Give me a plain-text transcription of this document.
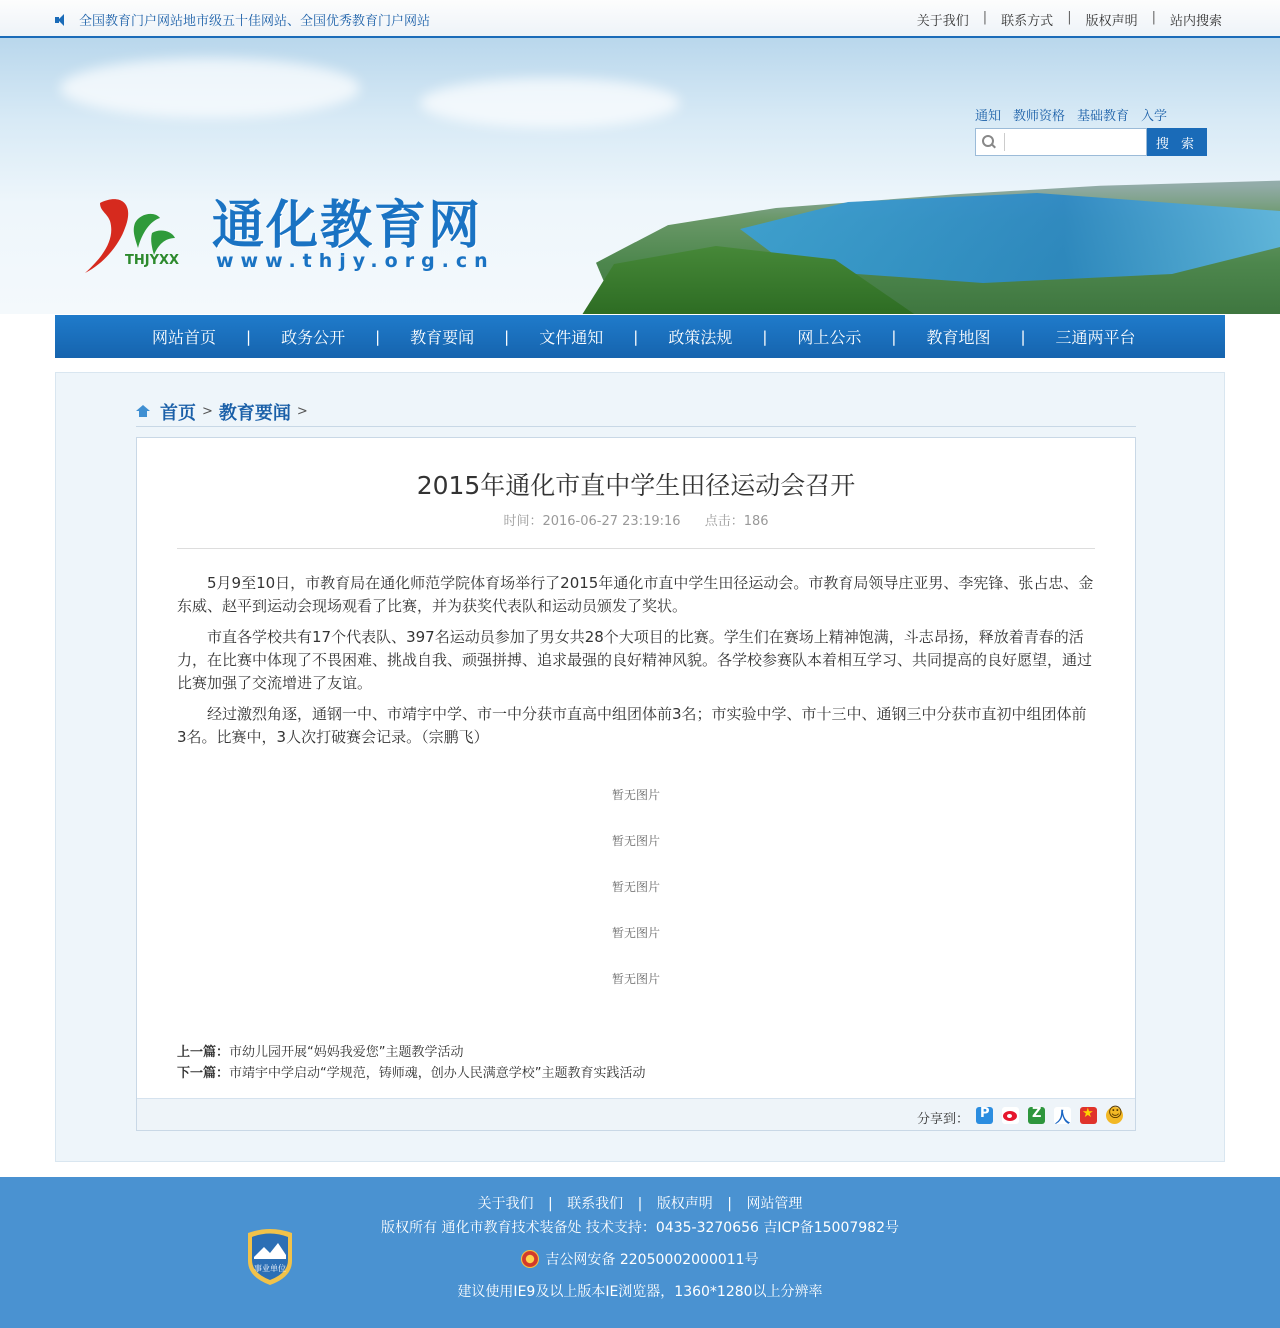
全国教育门户网站地市级五十佳网站、全国优秀教育门户网站	关于我们 | 联系方式 | 版权声明 | 站内搜索
THJYXX
通化教育网
www.thjy.org.cn
通知 教师资格 基础教育 入学
搜 索
网站首页 | 政务公开 | 教育要闻 | 文件通知 | 政策法规 | 网上公示 | 教育地图 | 三通两平台
首页 > 教育要闻 >
2015年通化市直中学生田径运动会召开
时间：2016-06-27 23:19:16 点击：186

5月9至10日，市教育局在通化师范学院体育场举行了2015年通化市直中学生田径运动会。市教育局领导庄亚男、李宪锋、张占忠、金东威、赵平到运动会现场观看了比赛，并为获奖代表队和运动员颁发了奖状。

市直各学校共有17个代表队、397名运动员参加了男女共28个大项目的比赛。学生们在赛场上精神饱满，斗志昂扬，释放着青春的活力，在比赛中体现了不畏困难、挑战自我、顽强拼搏、追求最强的良好精神风貌。各学校参赛队本着相互学习、共同提高的良好愿望，通过比赛加强了交流增进了友谊。

经过激烈角逐，通钢一中、市靖宇中学、市一中分获市直高中组团体前3名；市实验中学、市十三中、通钢三中分获市直初中组团体前3名。比赛中，3人次打破赛会记录。（宗鹏飞）

暂无图片
暂无图片
暂无图片
暂无图片
暂无图片
上一篇：市幼儿园开展“妈妈我爱您”主题教学活动
下一篇：市靖宇中学启动“学规范，铸师魂，创办人民满意学校”主题教育实践活动
分享到：
P
Z
人
★
☺
关于我们 | 联系我们 | 版权声明 | 网站管理
版权所有 通化市教育技术装备处 技术支持：0435-3270656 吉ICP备15007982号
吉公网安备 22050002000011号
建议使用IE9及以上版本IE浏览器，1360*1280以上分辨率
事业单位
